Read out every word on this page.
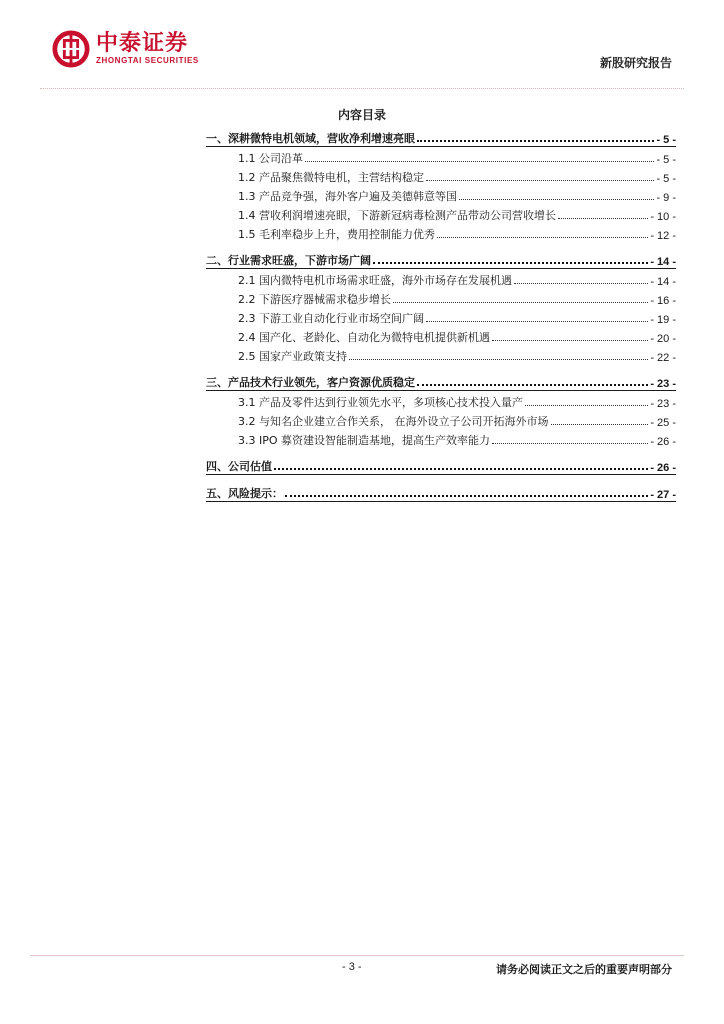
中泰证券
ZHONGTAI SECURITIES	新股研究报告
内容目录
一、深耕微特电机领域，营收净利增速亮眼	- 5 -
1.1 公司沿革	- 5 -
1.2 产品聚焦微特电机，主营结构稳定	- 5 -
1.3 产品竞争强，海外客户遍及美德韩意等国	- 9 -
1.4 营收利润增速亮眼，下游新冠病毒检测产品带动公司营收增长	- 10 -
1.5 毛利率稳步上升，费用控制能力优秀	- 12 -
二、行业需求旺盛，下游市场广阔	- 14 -
2.1 国内微特电机市场需求旺盛，海外市场存在发展机遇	- 14 -
2.2 下游医疗器械需求稳步增长	- 16 -
2.3 下游工业自动化行业市场空间广阔	- 19 -
2.4 国产化、老龄化、自动化为微特电机提供新机遇	- 20 -
2.5 国家产业政策支持	- 22 -
三、产品技术行业领先，客户资源优质稳定	- 23 -
3.1 产品及零件达到行业领先水平，多项核心技术投入量产	- 23 -
3.2 与知名企业建立合作关系， 在海外设立子公司开拓海外市场	- 25 -
3.3 IPO 募资建设智能制造基地，提高生产效率能力	- 26 -
四、公司估值	- 26 -
五、风险提示：	- 27 -
- 3 -	请务必阅读正文之后的重要声明部分
